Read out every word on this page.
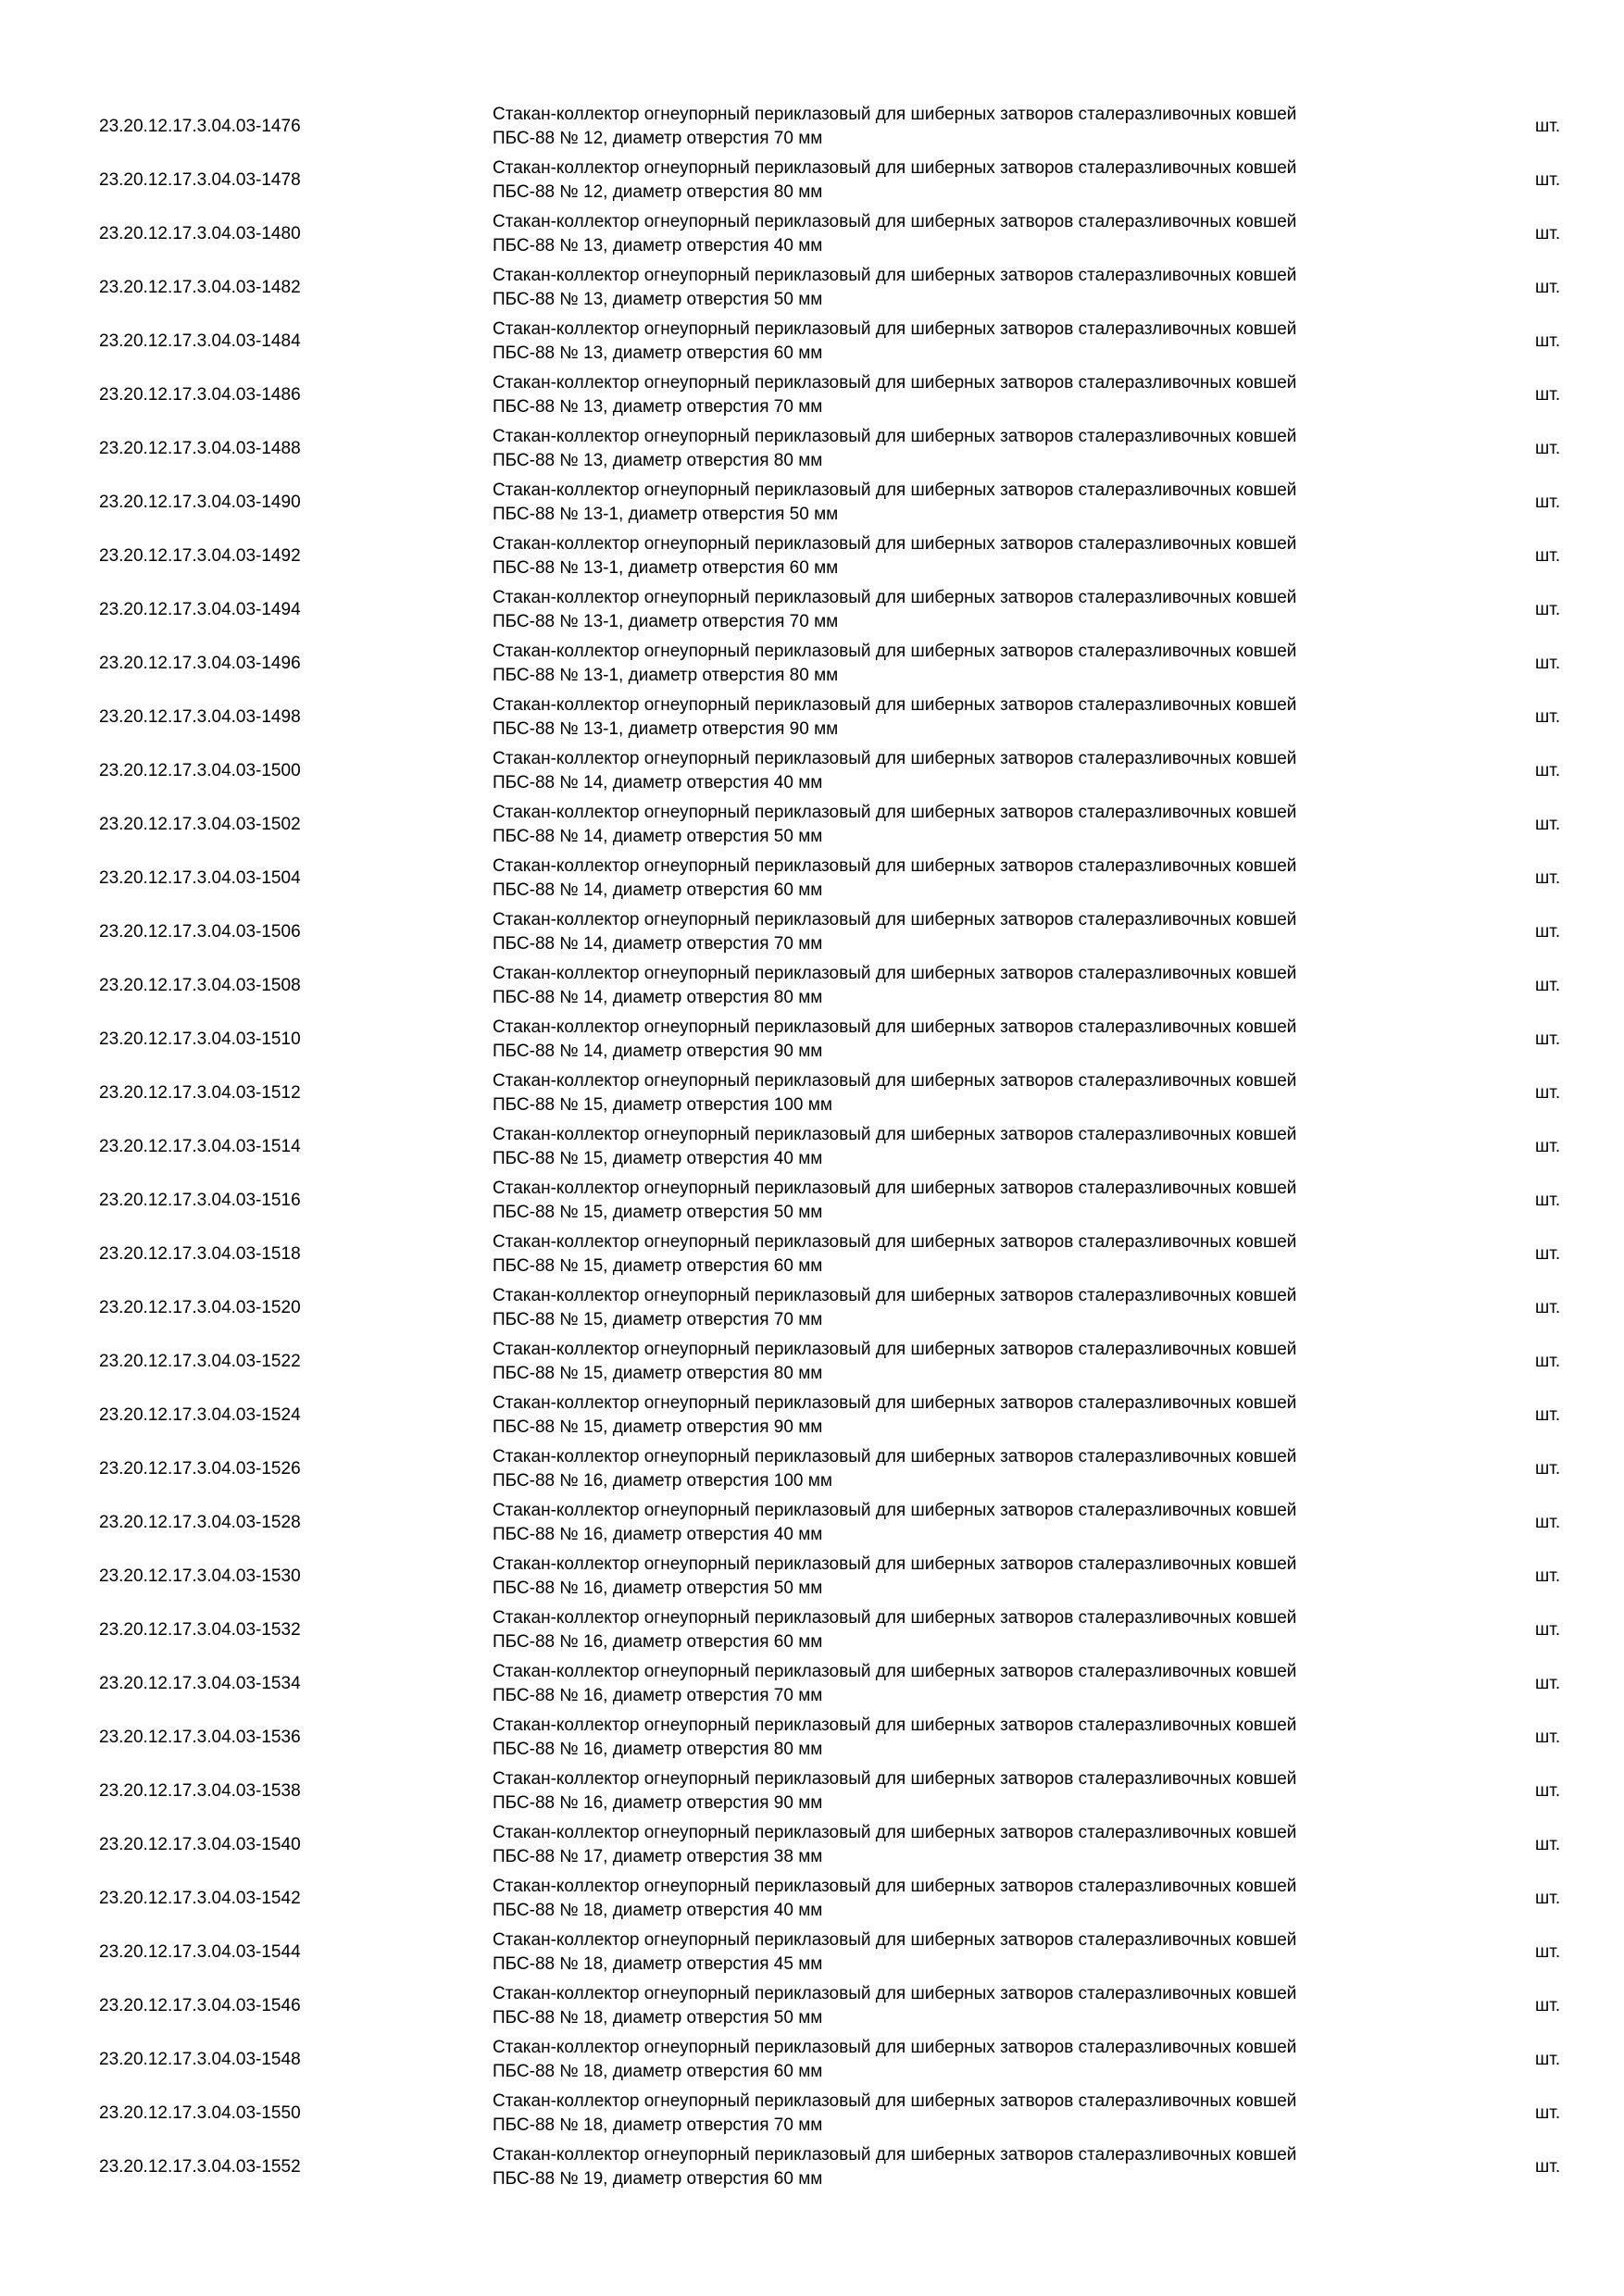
23.20.12.17.3.04.03-1476
Стакан-коллектор огнеупорный периклазовый для шиберных затворов сталеразливочных ковшей
ПБС-88 № 12, диаметр отверстия 70 мм
шт.
23.20.12.17.3.04.03-1478
Стакан-коллектор огнеупорный периклазовый для шиберных затворов сталеразливочных ковшей
ПБС-88 № 12, диаметр отверстия 80 мм
шт.
23.20.12.17.3.04.03-1480
Стакан-коллектор огнеупорный периклазовый для шиберных затворов сталеразливочных ковшей
ПБС-88 № 13, диаметр отверстия 40 мм
шт.
23.20.12.17.3.04.03-1482
Стакан-коллектор огнеупорный периклазовый для шиберных затворов сталеразливочных ковшей
ПБС-88 № 13, диаметр отверстия 50 мм
шт.
23.20.12.17.3.04.03-1484
Стакан-коллектор огнеупорный периклазовый для шиберных затворов сталеразливочных ковшей
ПБС-88 № 13, диаметр отверстия 60 мм
шт.
23.20.12.17.3.04.03-1486
Стакан-коллектор огнеупорный периклазовый для шиберных затворов сталеразливочных ковшей
ПБС-88 № 13, диаметр отверстия 70 мм
шт.
23.20.12.17.3.04.03-1488
Стакан-коллектор огнеупорный периклазовый для шиберных затворов сталеразливочных ковшей
ПБС-88 № 13, диаметр отверстия 80 мм
шт.
23.20.12.17.3.04.03-1490
Стакан-коллектор огнеупорный периклазовый для шиберных затворов сталеразливочных ковшей
ПБС-88 № 13-1, диаметр отверстия 50 мм
шт.
23.20.12.17.3.04.03-1492
Стакан-коллектор огнеупорный периклазовый для шиберных затворов сталеразливочных ковшей
ПБС-88 № 13-1, диаметр отверстия 60 мм
шт.
23.20.12.17.3.04.03-1494
Стакан-коллектор огнеупорный периклазовый для шиберных затворов сталеразливочных ковшей
ПБС-88 № 13-1, диаметр отверстия 70 мм
шт.
23.20.12.17.3.04.03-1496
Стакан-коллектор огнеупорный периклазовый для шиберных затворов сталеразливочных ковшей
ПБС-88 № 13-1, диаметр отверстия 80 мм
шт.
23.20.12.17.3.04.03-1498
Стакан-коллектор огнеупорный периклазовый для шиберных затворов сталеразливочных ковшей
ПБС-88 № 13-1, диаметр отверстия 90 мм
шт.
23.20.12.17.3.04.03-1500
Стакан-коллектор огнеупорный периклазовый для шиберных затворов сталеразливочных ковшей
ПБС-88 № 14, диаметр отверстия 40 мм
шт.
23.20.12.17.3.04.03-1502
Стакан-коллектор огнеупорный периклазовый для шиберных затворов сталеразливочных ковшей
ПБС-88 № 14, диаметр отверстия 50 мм
шт.
23.20.12.17.3.04.03-1504
Стакан-коллектор огнеупорный периклазовый для шиберных затворов сталеразливочных ковшей
ПБС-88 № 14, диаметр отверстия 60 мм
шт.
23.20.12.17.3.04.03-1506
Стакан-коллектор огнеупорный периклазовый для шиберных затворов сталеразливочных ковшей
ПБС-88 № 14, диаметр отверстия 70 мм
шт.
23.20.12.17.3.04.03-1508
Стакан-коллектор огнеупорный периклазовый для шиберных затворов сталеразливочных ковшей
ПБС-88 № 14, диаметр отверстия 80 мм
шт.
23.20.12.17.3.04.03-1510
Стакан-коллектор огнеупорный периклазовый для шиберных затворов сталеразливочных ковшей
ПБС-88 № 14, диаметр отверстия 90 мм
шт.
23.20.12.17.3.04.03-1512
Стакан-коллектор огнеупорный периклазовый для шиберных затворов сталеразливочных ковшей
ПБС-88 № 15, диаметр отверстия 100 мм
шт.
23.20.12.17.3.04.03-1514
Стакан-коллектор огнеупорный периклазовый для шиберных затворов сталеразливочных ковшей
ПБС-88 № 15, диаметр отверстия 40 мм
шт.
23.20.12.17.3.04.03-1516
Стакан-коллектор огнеупорный периклазовый для шиберных затворов сталеразливочных ковшей
ПБС-88 № 15, диаметр отверстия 50 мм
шт.
23.20.12.17.3.04.03-1518
Стакан-коллектор огнеупорный периклазовый для шиберных затворов сталеразливочных ковшей
ПБС-88 № 15, диаметр отверстия 60 мм
шт.
23.20.12.17.3.04.03-1520
Стакан-коллектор огнеупорный периклазовый для шиберных затворов сталеразливочных ковшей
ПБС-88 № 15, диаметр отверстия 70 мм
шт.
23.20.12.17.3.04.03-1522
Стакан-коллектор огнеупорный периклазовый для шиберных затворов сталеразливочных ковшей
ПБС-88 № 15, диаметр отверстия 80 мм
шт.
23.20.12.17.3.04.03-1524
Стакан-коллектор огнеупорный периклазовый для шиберных затворов сталеразливочных ковшей
ПБС-88 № 15, диаметр отверстия 90 мм
шт.
23.20.12.17.3.04.03-1526
Стакан-коллектор огнеупорный периклазовый для шиберных затворов сталеразливочных ковшей
ПБС-88 № 16, диаметр отверстия 100 мм
шт.
23.20.12.17.3.04.03-1528
Стакан-коллектор огнеупорный периклазовый для шиберных затворов сталеразливочных ковшей
ПБС-88 № 16, диаметр отверстия 40 мм
шт.
23.20.12.17.3.04.03-1530
Стакан-коллектор огнеупорный периклазовый для шиберных затворов сталеразливочных ковшей
ПБС-88 № 16, диаметр отверстия 50 мм
шт.
23.20.12.17.3.04.03-1532
Стакан-коллектор огнеупорный периклазовый для шиберных затворов сталеразливочных ковшей
ПБС-88 № 16, диаметр отверстия 60 мм
шт.
23.20.12.17.3.04.03-1534
Стакан-коллектор огнеупорный периклазовый для шиберных затворов сталеразливочных ковшей
ПБС-88 № 16, диаметр отверстия 70 мм
шт.
23.20.12.17.3.04.03-1536
Стакан-коллектор огнеупорный периклазовый для шиберных затворов сталеразливочных ковшей
ПБС-88 № 16, диаметр отверстия 80 мм
шт.
23.20.12.17.3.04.03-1538
Стакан-коллектор огнеупорный периклазовый для шиберных затворов сталеразливочных ковшей
ПБС-88 № 16, диаметр отверстия 90 мм
шт.
23.20.12.17.3.04.03-1540
Стакан-коллектор огнеупорный периклазовый для шиберных затворов сталеразливочных ковшей
ПБС-88 № 17, диаметр отверстия 38 мм
шт.
23.20.12.17.3.04.03-1542
Стакан-коллектор огнеупорный периклазовый для шиберных затворов сталеразливочных ковшей
ПБС-88 № 18, диаметр отверстия 40 мм
шт.
23.20.12.17.3.04.03-1544
Стакан-коллектор огнеупорный периклазовый для шиберных затворов сталеразливочных ковшей
ПБС-88 № 18, диаметр отверстия 45 мм
шт.
23.20.12.17.3.04.03-1546
Стакан-коллектор огнеупорный периклазовый для шиберных затворов сталеразливочных ковшей
ПБС-88 № 18, диаметр отверстия 50 мм
шт.
23.20.12.17.3.04.03-1548
Стакан-коллектор огнеупорный периклазовый для шиберных затворов сталеразливочных ковшей
ПБС-88 № 18, диаметр отверстия 60 мм
шт.
23.20.12.17.3.04.03-1550
Стакан-коллектор огнеупорный периклазовый для шиберных затворов сталеразливочных ковшей
ПБС-88 № 18, диаметр отверстия 70 мм
шт.
23.20.12.17.3.04.03-1552
Стакан-коллектор огнеупорный периклазовый для шиберных затворов сталеразливочных ковшей
ПБС-88 № 19, диаметр отверстия 60 мм
шт.
